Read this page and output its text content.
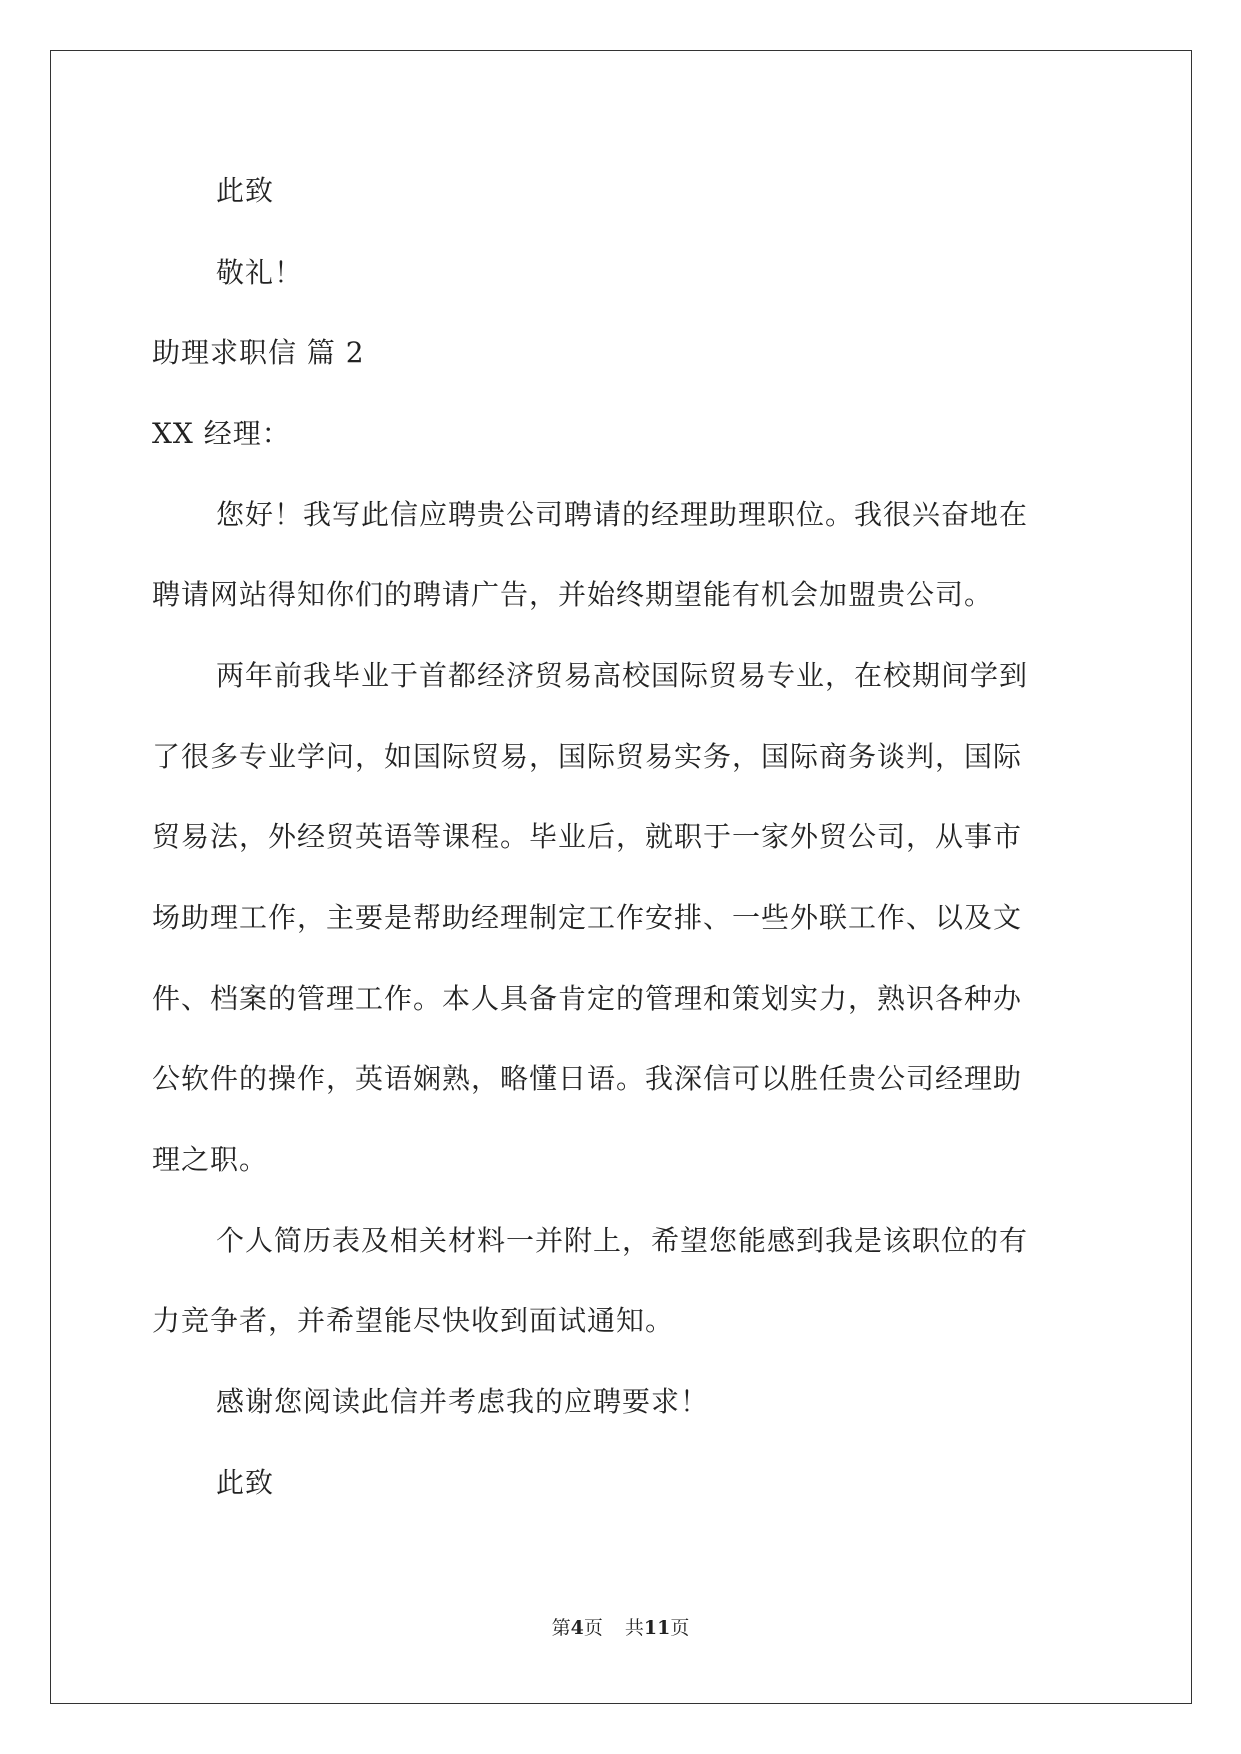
此致
敬礼！
助理求职信 篇 2
XX 经理：
您好！我写此信应聘贵公司聘请的经理助理职位。我很兴奋地在
聘请网站得知你们的聘请广告，并始终期望能有机会加盟贵公司。
两年前我毕业于首都经济贸易高校国际贸易专业，在校期间学到
了很多专业学问，如国际贸易，国际贸易实务，国际商务谈判，国际
贸易法，外经贸英语等课程。毕业后，就职于一家外贸公司，从事市
场助理工作，主要是帮助经理制定工作安排、一些外联工作、以及文
件、档案的管理工作。本人具备肯定的管理和策划实力，熟识各种办
公软件的操作，英语娴熟，略懂日语。我深信可以胜任贵公司经理助
理之职。
个人简历表及相关材料一并附上，希望您能感到我是该职位的有
力竞争者，并希望能尽快收到面试通知。
感谢您阅读此信并考虑我的应聘要求！
此致
第4页 共11页
